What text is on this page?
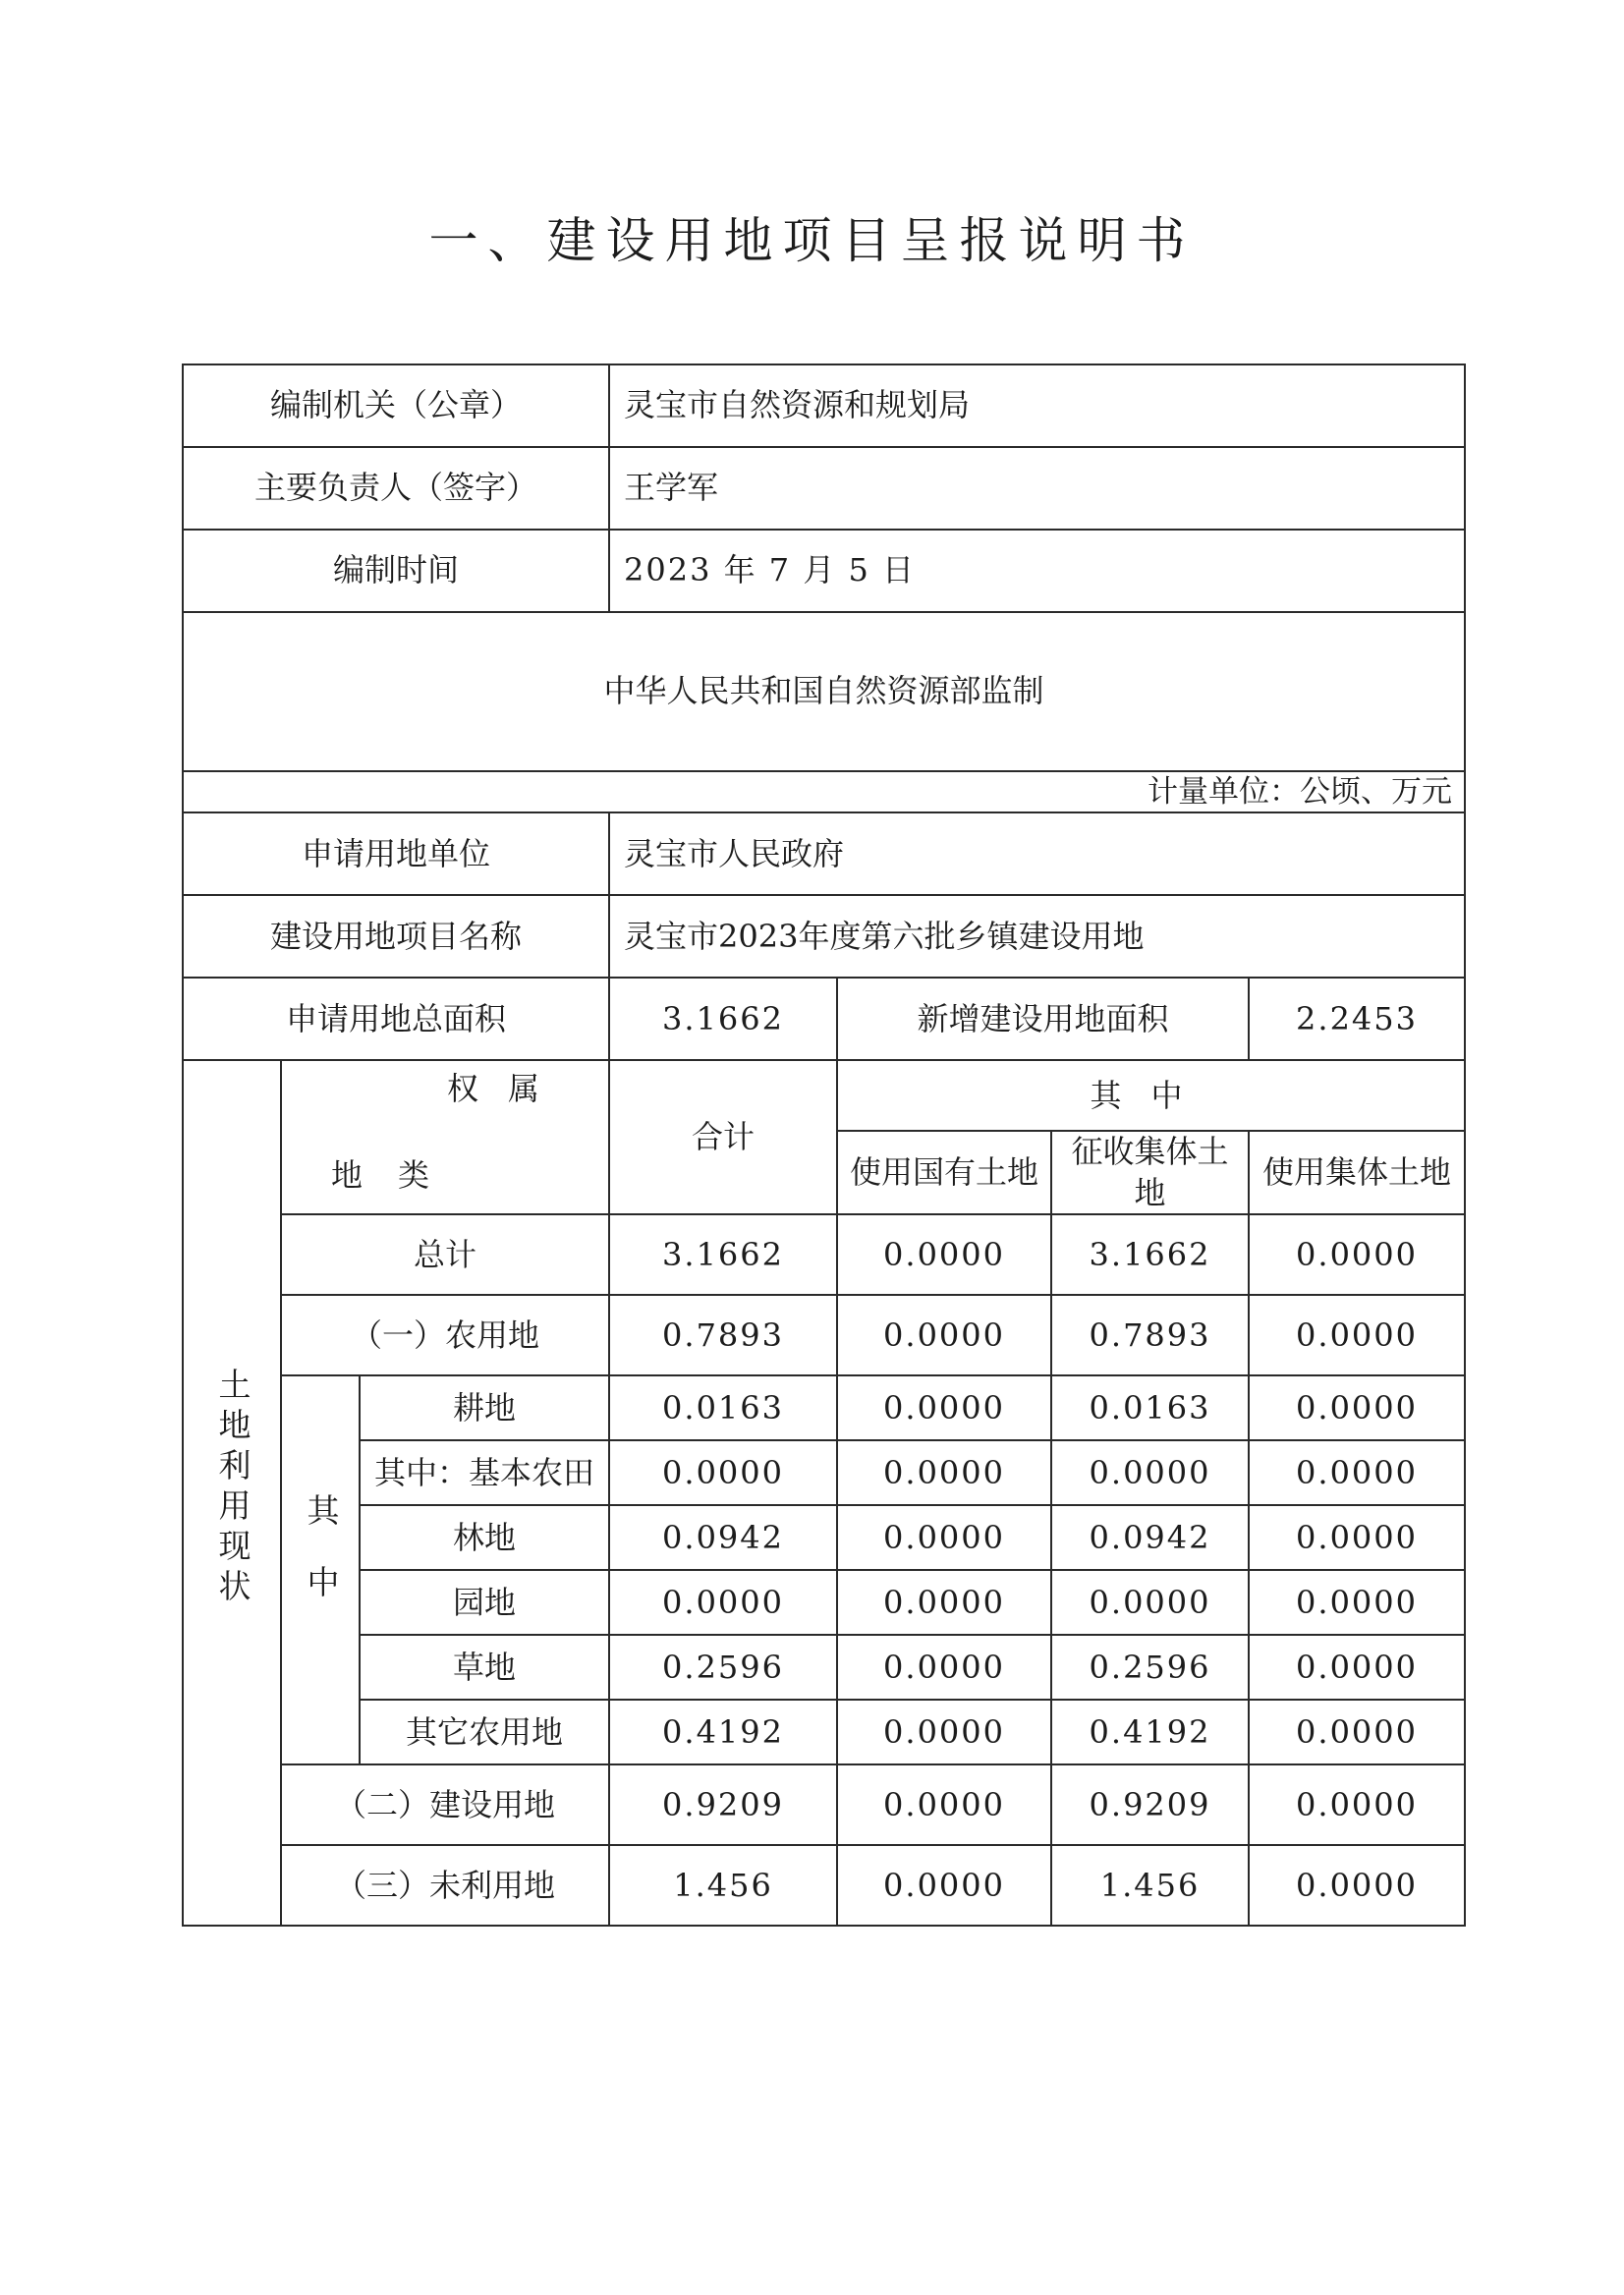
一、建设用地项目呈报说明书
编制机关（公章）			灵宝市自然资源和规划局			
主要负责人（签字）			王学军			
编制时间			2023 年 7 月 5 日			
中华人民共和国自然资源部监制						
计量单位：公顷、万元						
申请用地单位			灵宝市人民政府			
建设用地项目名称			灵宝市2023年度第六批乡镇建设用地			
申请用地总面积			3.1662	新增建设用地面积		2.2453
土地利用现状	权属
地类		合计	其中		
				使用国有土地	征收集体土地	使用集体土地
	总计		3.1662	0.0000	3.1662	0.0000
	（一）农用地		0.7893	0.0000	0.7893	0.0000
	其中	耕地	0.0163	0.0000	0.0163	0.0000
		其中：基本农田	0.0000	0.0000	0.0000	0.0000
		林地	0.0942	0.0000	0.0942	0.0000
		园地	0.0000	0.0000	0.0000	0.0000
		草地	0.2596	0.0000	0.2596	0.0000
		其它农用地	0.4192	0.0000	0.4192	0.0000
	（二）建设用地		0.9209	0.0000	0.9209	0.0000
	（三）未利用地		1.456	0.0000	1.456	0.0000
